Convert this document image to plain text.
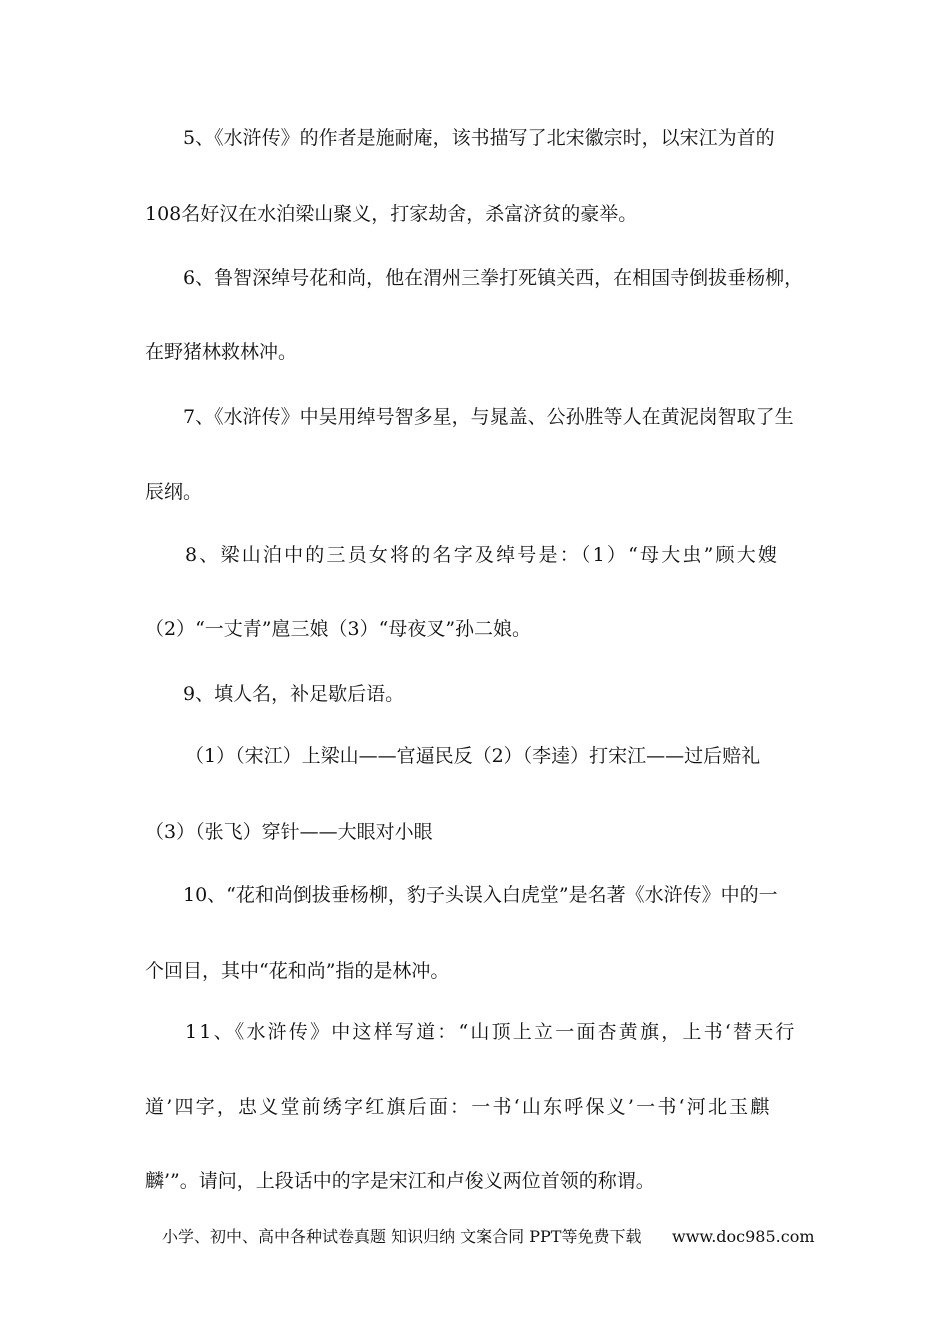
5、《水浒传》的作者是施耐庵，该书描写了北宋徽宗时，以宋江为首的
108名好汉在水泊梁山聚义，打家劫舍，杀富济贫的豪举。
6、鲁智深绰号花和尚，他在渭州三拳打死镇关西，在相国寺倒拔垂杨柳，
在野猪林救林冲。
7、《水浒传》中吴用绰号智多星，与晁盖、公孙胜等人在黄泥岗智取了生
辰纲。
8、梁山泊中的三员女将的名字及绰号是：（1）“母大虫”顾大嫂
（2）“一丈青”扈三娘（3）“母夜叉”孙二娘。
9、填人名，补足歇后语。
（1）（宋江）上梁山——官逼民反（2）（李逵）打宋江——过后赔礼
（3）（张飞）穿针——大眼对小眼
10、“花和尚倒拔垂杨柳，豹子头误入白虎堂”是名著《水浒传》中的一
个回目，其中“花和尚”指的是林冲。
11、《水浒传》中这样写道：“山顶上立一面杏黄旗，上书‘替天行
道’四字，忠义堂前绣字红旗后面：一书‘山东呼保义’一书‘河北玉麒
麟’”。请问，上段话中的字是宋江和卢俊义两位首领的称谓。
小学、初中、高中各种试卷真题 知识归纳 文案合同 PPT等免费下载 www.doc985.com
